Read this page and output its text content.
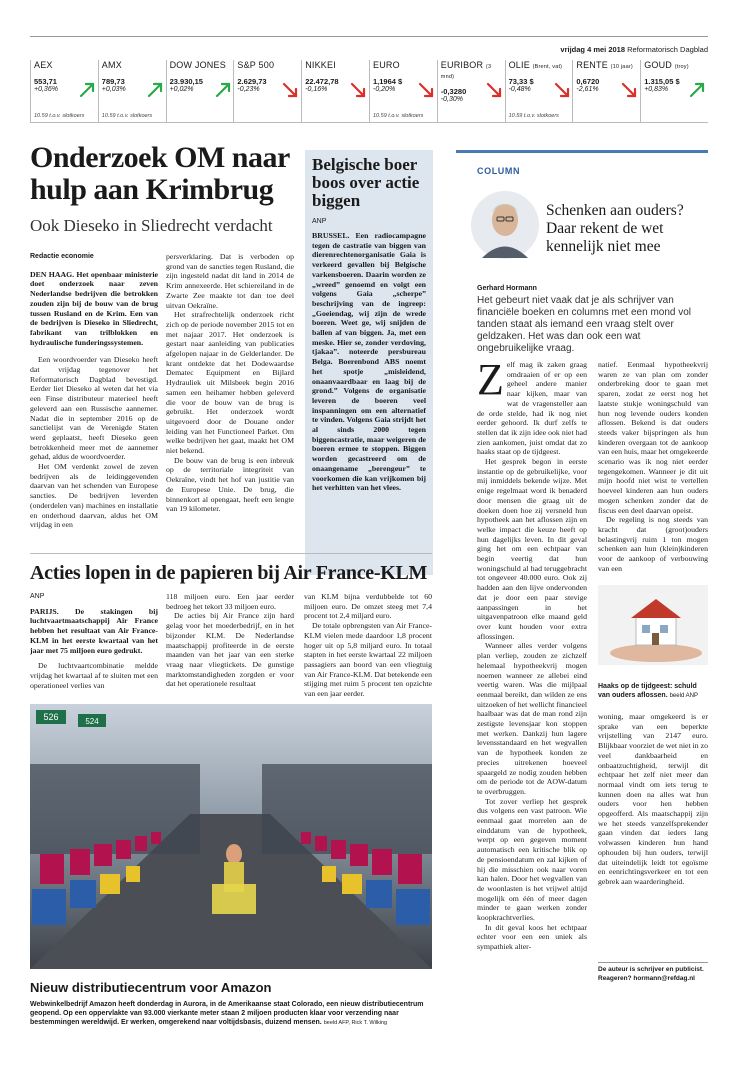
vrijdag 4 mei 2018 Reformatorisch Dagblad
AEX
553,71
+0,36%
10.59 t.o.v. slotkoers
AMX
789,73
+0,03%
10.59 t.o.v. slotkoers
DOW JONES
23.930,15
+0,02%
S&P 500
2.629,73
-0,23%
NIKKEI
22.472,78
-0,16%
EURO
1,1964 $
-0,20%
10.59 t.o.v. slotkoers
EURIBOR (3 mnd)
-0,3280
-0,30%
OLIE (Brent, vat)
73,33 $
-0,48%
10.59 t.o.v. slotkoers
RENTE (10 jaar)
0,6720
-2,61%
GOUD (troy)
1.315,05 $
+0,83%
Onderzoek OM naar hulp aan Krimbrug
Ook Dieseko in Sliedrecht verdacht
Redactie economie

DEN HAAG. Het openbaar ministerie doet onderzoek naar zeven Nederlandse bedrijven die betrokken zouden zijn bij de bouw van de brug tussen Rusland en de Krim. Een van de bedrijven is Dieseko in Sliedrecht, fabrikant van trilblokken en hydraulische funderingssystemen.

Een woordvoerder van Dieseko heeft dat vrijdag tegenover het Reformatorisch Dagblad bevestigd. Eerder liet Dieseko al weten dat het via een Finse distributeur materieel heeft geleverd aan een Russische aannemer. Nadat die in september 2016 op de sanctielijst van de Verenigde Staten werd geplaatst, heeft Dieseko geen betrokkenheid meer met de aannemer gehad, aldus de woordvoerder.

Het OM verdenkt zowel de zeven bedrijven als de leidinggevenden daarvan van het schenden van Europese sancties. De bedrijven leverden (onderdelen van) machines en installatie en onderhoud daarvan, aldus het OM vrijdag in een

persverklaring. Dat is verboden op grond van de sancties tegen Rusland, die zijn ingesteld nadat dit land in 2014 de Krim annexeerde. Het schiereiland in de Zwarte Zee maakte tot dan toe deel uitvan Oekraïne.

Het strafrechtelijk onderzoek richt zich op de periode november 2015 tot en met najaar 2017. Het onderzoek is gestart naar aanleiding van publicaties afgelopen najaar in de Gelderlander. De krant ontdekte dat het Dodewaardse Dematec Equipment en Bijlard Hydrauliek uit Milsbeek begin 2016 samen een heihamer hebben geleverd die voor de bouw van de brug is gebruikt. Het onderzoek wordt uitgevoerd door de Douane onder leiding van het Functioneel Parket. Om welke bedrijven het gaat, maakt het OM niet bekend.

De bouw van de brug is een inbreuk op de territoriale integriteit van Oekraïne, vindt het hof van justitie van de Europese Unie. De brug, die binnenkort al opengaat, heeft een lengte van 19 kilometer.

Belgische boer boos over actie biggen
ANP
BRUSSEL. Een radiocampagne tegen de castratie van biggen van dierenrechtenorganisatie Gaia is verkeerd gevallen bij Belgische varkensboeren. Daarin worden ze „wreed” genoemd en volgt een volgens Gaia „scherpe” beschrijving van de ingreep: „Goeiendag, wij zijn de wrede boeren. Weet ge, wij snijden de ballen af van biggen. Ja, met een meske. Hier se, zonder verdoving, tjakaa”. noteerde persbureau Belga. Boerenbond ABS noemt het spotje „misleidend, onaanvaardbaar en laag bij de grond.” Volgens de organisatie leveren de boeren veel inspanningen om een alternatief te vinden. Volgens Gaia strijdt het al sinds 2000 tegen biggencastratie, maar weigeren de boeren ermee te stoppen. Biggen worden gecastreerd om de onaangename „berengeur” te voorkomen die kan vrijkomen bij het verhitten van het vlees.
COLUMN
Schenken aan ouders? Daar rekent de wet kennelijk niet mee
Gerhard Hormann
Het gebeurt niet vaak dat je als schrijver van financiële boeken en columns met een mond vol tanden staat als iemand een vraag stelt over geldzaken. Het was dan ook een wat ongebruikelijke vraag.

Zelf mag ik zaken graag omdraaien of er op een geheel andere manier naar kijken, maar van wat de vragensteller aan de orde stelde, had ik nog niet eerder gehoord. Ik durf zelfs te stellen dat ik zijn idee ook niet had zien aankomen, juist omdat dat zo haaks staat op de tijdgeest.

Het gesprek begon in eerste instantie op de gebruikelijke, voor mij inmiddels bekende wijze. Met enige regelmaat word ik benaderd door mensen die graag uit de doeken doen hoe zij versneld hun hypotheek aan het aflossen zijn en welke impact die keuze heeft op hun dagelijks leven. In dit geval ging het om een echtpaar van begin veertig dat hun woningschuld al had teruggebracht tot ongeveer 40.000 euro. Ook zij hadden aan den lijve ondervonden dat je door een paar stevige aanpassingen in het uitgavenpatroon elke maand geld over kunt houden voor extra aflossingen.

Wanneer alles verder volgens plan verliep, zouden ze zichzelf helemaal hypotheekvrij mogen noemen wanneer ze allebei eind veertig waren. Was die mijlpaal eenmaal bereikt, dan wilden ze ens uitzoeken of het wellicht financieel haalbaar was dat de man rond zijn zestigste levensjaar kon stoppen met werken. Dankzij hun lagere levensstandaard en het wegvallen van de hypotheek konden ze precies uitrekenen hoeveel spaargeld ze nodig zouden hebben om de periode tot de AOW-datum te overbruggen.

Tot zover verliep het gesprek dus volgens een vast patroon. Wie eenmaal gaat morrelen aan de einddatum van de hypotheek, werpt op een gegeven moment automatisch een kritische blik op de pensioendatum en zal kijken of hij die misschien ook naar voren kan halen. Door het wegvallen van de woonlasten is het vrijwel altijd mogelijk om één of meer dagen minder te gaan werken zonder koopkrachtverlies.

In dit geval koos het echtpaar echter voor een een uniek als sympathiek alter-

natief. Eenmaal hypotheekvrij waren ze van plan om zonder onderbreking door te gaan met sparen, zodat ze eerst nog het laatste stukje woningschuld van hun nog levende ouders konden aflossen. Bekend is dat ouders steeds vaker bijspringen als hun kinderen overgaan tot de aankoop van een huis, maar het omgekeerde scenario was ik nog niet eerder tegengekomen. Wanneer je dit uit mijn hoofd niet wist te vertellen hoeveel kinderen aan hun ouders mogen schenken zonder dat de fiscus een deel daarvan opeist.

De regeling is nog steeds van kracht dat (groot)ouders belastingvrij ruim 1 ton mogen schenken aan hun (klein)kinderen voor de aankoop of verbouwing van een

Haaks op de tijdgeest: schuld van ouders aflossen. beeld ANP

woning, maar omgekeerd is er sprake van een beperkte vrijstelling van 2147 euro. Blijkbaar voorziet de wet niet in zo veel dankbaarheid en onbaatzuchtigheid, terwijl dit echtpaar het zelf niet meer dan normaal vindt om iets terug te kunnen doen na alles wat hun ouders voor hen hebben opgeofferd. Als maatschappij zijn we het steeds vanzelfsprekender gaan vinden dat ieders lang volwassen kinderen hun hand ophouden bij hun ouders, terwijl dat uiteindelijk leidt tot egoïsme en eenrichtingsverkeer en tot een gebrek aan waarderingheid.

De auteur is schrijver en publicist. Reageren? hormann@refdag.nl
Acties lopen in de papieren bij Air France-KLM
ANP

PARIJS. De stakingen bij luchtvaartmaatschappij Air France hebben het resultaat van Air France-KLM in het eerste kwartaal van het jaar met 75 miljoen euro gedrukt.

De luchtvaartcombinatie meldde vrijdag het kwartaal af te sluiten met een operationeel verlies van

118 miljoen euro. Een jaar eerder bedroeg het tekort 33 miljoen euro.

De acties bij Air France zijn hard gelag voor het moederbedrijf, en in het bijzonder KLM. De Nederlandse maatschappij profiteerde in de eerste maanden van het jaar van een sterke vraag naar vliegtickets. De gunstige marktomstandigheden zorgden er voor dat het operationele resultaat

van KLM bijna verdubbelde tot 60 miljoen euro. De omzet steeg met 7,4 procent tot 2,4 miljard euro.

De totale opbrengsten van Air France-KLM vielen mede daardoor 1,8 procent hoger uit op 5,8 miljard euro. In totaal stapten in het eerste kwartaal 22 miljoen passagiers aan boord van een vliegtuig van Air France-KLM. Dat betekende een stijging met ruim 5 procent ten opzichte van een jaar eerder.

526	524
Nieuw distributiecentrum voor Amazon
Webwinkelbedrijf Amazon heeft donderdag in Aurora, in de Amerikaanse staat Colorado, een nieuw distributiecentrum geopend. Op een oppervlakte van 93.000 vierkante meter staan 2 miljoen producten klaar voor verzending naar bestemmingen wereldwijd. Er werken, omgerekend naar voltijdsbasis, duizend mensen. beeld AFP, Rick T. Wilking
